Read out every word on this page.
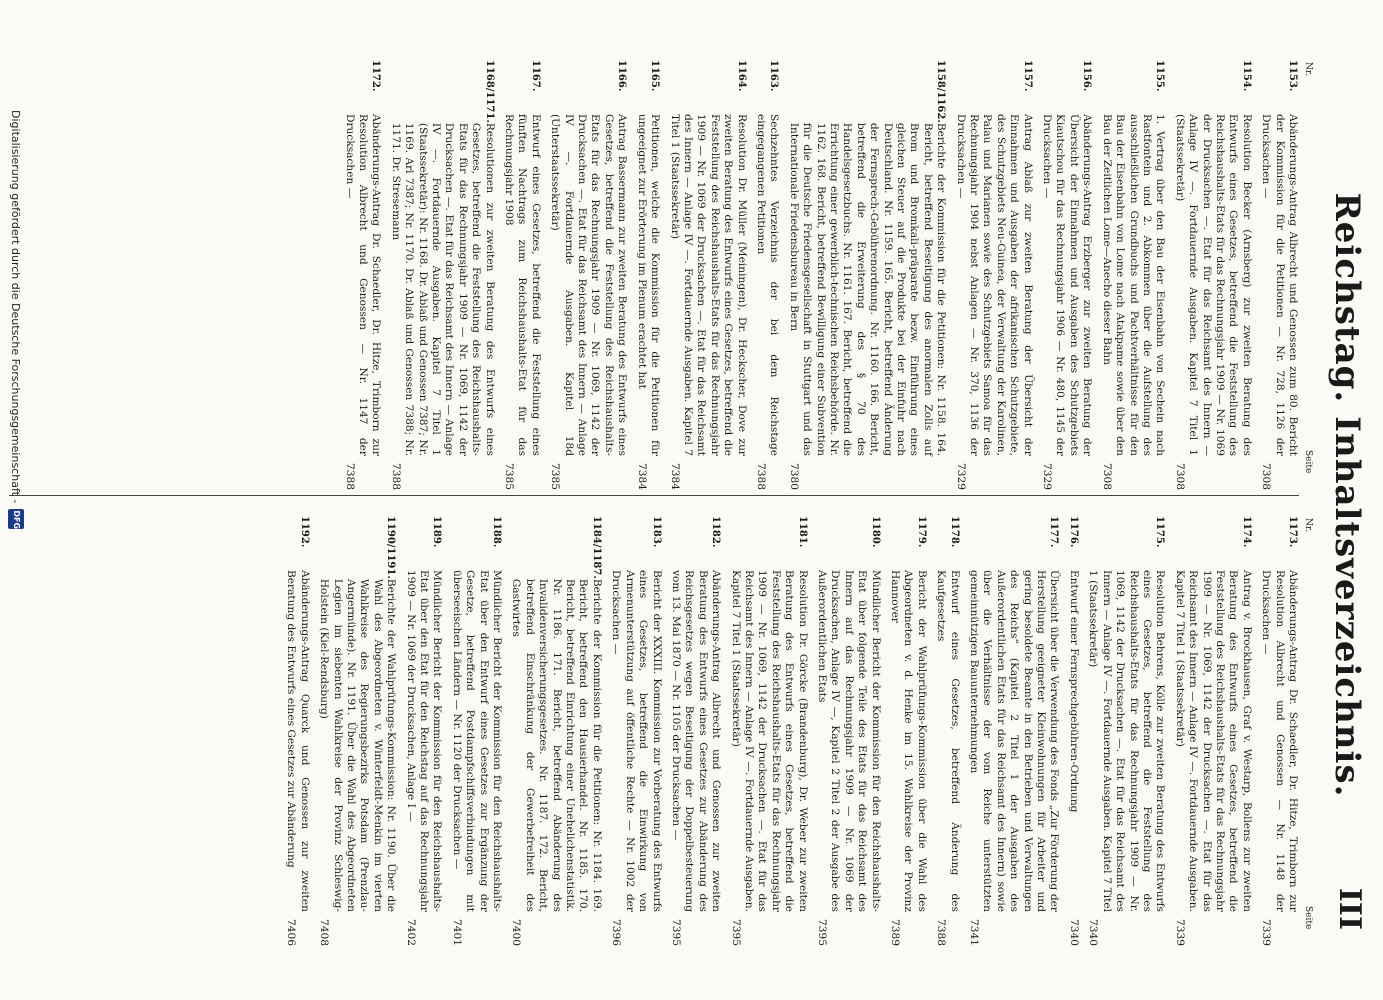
Reichstag. Inhaltsverzeichnis.
III
Nr.
Seite
Nr.
Seite
1153.
Abänderungs-Antrag Albrecht und Genossen zum 80. Bericht der Kommission für die Petitionen — Nr. 728, 1126 der Drucksachen —
7308
1154.
Resolution Becker (Arnsberg) zur zweiten Beratung des Entwurfs eines Gesetzes, betreffend die Feststellung des Reichshaushalts-Etats für das Rechnungsjahr 1909 — Nr. 1069 der Drucksachen —. Etat für das Reichsamt des Innern — Anlage IV —. Fortdauernde Ausgaben. Kapitel 7 Titel 1 (Staatssekretär)
7308
1155.
1. Vertrag über den Bau der Eisenbahn von Sechein nach Rastfontein und 2. Abkommen über die Aufstellung des ausschließlichen Grundbuchs und Pachtverhältnisse für den Bau der Eisenbahn von Lome nach Atakpame sowie über den Bau der Zeitlichen Lome—Anecho dieser Bahn
7308
1156.
Abänderungs-Antrag Erzberger zur zweiten Beratung der Übersicht der Einnahmen und Ausgaben des Schutzgebiets Kiautschou für das Rechnungsjahr 1906 — Nr. 480, 1145 der Drucksachen —
7329
1157.
Antrag Ablaß zur zweiten Beratung der Übersicht der Einnahmen und Ausgaben der afrikanischen Schutzgebiete, des Schutzgebiets Neu-Guinea, der Verwaltung der Karolinen, Palau und Marianen sowie des Schutzgebiets Samoa für das Rechnungsjahr 1904 nebst Anlagen — Nr. 370, 1136 der Drucksachen —
7329
1158/1162.
Berichte der Kommission für die Petitionen: Nr. 1158. 164. Bericht, betreffend Beseitigung des anormalen Zolls auf Brom und Bromkali-präparate bezw. Einführung eines gleichen Steuer auf die Produkte bei der Einfuhr nach Deutschland. Nr. 1159. 165. Bericht, betreffend Änderung der Fernsprech-Gebührenordnung. Nr. 1160. 166. Bericht, betreffend die Erweiterung des § 70 des Handelsgesetzbuchs. Nr. 1161. 167. Bericht, betreffend die Errichtung einer gewerblich-technischen Reichsbehörde. Nr. 1162. 168. Bericht, betreffend Bewilligung einer Subvention für die Deutsche Friedensgesellschaft in Stuttgart und das Internationale Friedensbureau in Bern
7380
1163.
Sechzehntes Verzeichnis der bei dem Reichstage eingegangenen Petitionen
7388
1164.
Resolution Dr. Müller (Meiningen), Dr. Heckscher, Dove zur zweiten Beratung des Entwurfs eines Gesetzes, betreffend die Feststellung des Reichshaushalts-Etats für das Rechnungsjahr 1909 — Nr. 1069 der Drucksachen —. Etat für das Reichsamt des Innern — Anlage IV —. Fortdauernde Ausgaben. Kapitel 7 Titel 1 (Staatssekretär)
7384
1165.
Petitionen, welche die Kommission für die Petitionen für ungeeignet zur Erörterung im Plenum erachtet hat
7384
1166.
Antrag Bassermann zur zweiten Beratung des Entwurfs eines Gesetzes, betreffend die Feststellung des Reichshaushalts-Etats für das Rechnungsjahr 1909 — Nr. 1069, 1142 der Drucksachen —. Etat für das Reichsamt des Innern — Anlage IV —. Fortdauernde Ausgaben. Kapitel 18d (Unterstaatssekretär)
7385
1167.
Entwurf eines Gesetzes, betreffend die Feststellung eines fünften Nachtrags zum Reichshaushalts-Etat für das Rechnungsjahr 1908
7385
1168/1171.
Resolutionen zur zweiten Beratung des Entwurfs eines Gesetzes, betreffend die Feststellung des Reichshaushalts-Etats für das Rechnungsjahr 1909 — Nr. 1069, 1142 der Drucksachen —. Etat für das Reichsamt des Innern — Anlage IV —. Fortdauernde Ausgaben. Kapitel 7 Titel 1 (Staatssekretär): Nr. 1168. Dr. Ablaß und Genossen 7387; Nr. 1169. Arl 7387; Nr. 1170. Dr. Ablaß und Genossen 7388; Nr. 1171. Dr. Stresemann
7388
1172.
Abänderungs-Antrag Dr. Schaedler, Dr. Hitze, Trimborn zur Resolution Albrecht und Genossen — Nr. 1147 der Drucksachen —
7388
1173.
Abänderungs-Antrag Dr. Schaedler, Dr. Hitze, Trimborn zur Resolution Albrecht und Genossen — Nr. 1148 der Drucksachen —
7339
1174.
Antrag v. Brockhausen, Graf v. Westarp, Bollens zur zweiten Beratung des Entwurfs eines Gesetzes, betreffend die Feststellung des Reichshaushalts-Etats für das Rechnungsjahr 1909 — Nr. 1069, 1142 der Drucksachen —. Etat für das Reichsamt des Innern — Anlage IV —. Fortdauernde Ausgaben. Kapitel 7 Titel 1 (Staatssekretär)
7339
1175.
Resolution Behrens, Kölle zur zweiten Beratung des Entwurfs eines Gesetzes, betreffend die Feststellung des Reichshaushalts-Etats für das Rechnungsjahr 1909 — Nr. 1069, 1142 der Drucksachen —. Etat für das Reichsamt des Innern — Anlage IV —. Fortdauernde Ausgaben. Kapitel 7 Titel 1 (Staatssekretär)
7340
1176.
Entwurf einer Fernsprechgebühren-Ordnung
7340
1177.
Übersicht über die Verwendung des Fonds „Zur Förderung der Herstellung geeigneter Kleinwohnungen für Arbeiter und gering besoldete Beamte in den Betrieben und Verwaltungen des Reichs“ (Kapitel 2 Titel 1 der Ausgaben des Außerordentlichen Etats für das Reichsamt des Innern) sowie über die Verhältnisse der vom Reiche unterstützten gemeinnützigen Bauunternehmungen
7341
1178.
Entwurf eines Gesetzes, betreffend Änderung des Kaufgesetzes
7388
1179.
Bericht der Wahlprüfungs-Kommission über die Wahl des Abgeordneten v. d. Henke im 15. Wahlkreise der Provinz Hannover
7389
1180.
Mündlicher Bericht der Kommission für den Reichshaushalts-Etat über folgende Teile des Etats für das Reichsamt des Innern auf das Rechnungsjahr 1909 — Nr. 1069 der Drucksachen, Anlage IV —, Kapitel 2 Titel 2 der Ausgabe des Außerordentlichen Etats
7395
1181.
Resolution Dr. Görcke (Brandenburg), Dr. Weber zur zweiten Beratung des Entwurfs eines Gesetzes, betreffend die Feststellung des Reichshaushalts-Etats für das Rechnungsjahr 1909 — Nr. 1069, 1142 der Drucksachen —. Etat für das Reichsamt des Innern — Anlage IV —. Fortdauernde Ausgaben. Kapitel 7 Titel 1 (Staatssekretär)
7395
1182.
Abänderungs-Antrag Albrecht und Genossen zur zweiten Beratung des Entwurfs eines Gesetzes zur Abänderung des Reichsgesetzes wegen Beseitigung der Doppelbesteuerung vom 13. Mai 1870 — Nr. 1105 der Drucksachen —
7395
1183.
Bericht der XXXIII. Kommission zur Vorberatung des Entwurfs eines Gesetzes, betreffend die Einwirkung von Armenunterstützung auf öffentliche Rechte — Nr. 1002 der Drucksachen —
7396
1184/1187.
Berichte der Kommission für die Petitionen: Nr. 1184. 169. Bericht, betreffend den Hausierhandel. Nr. 1185. 170. Bericht, betreffend Einrichtung einer Unehelichenstatistik. Nr. 1186. 171. Bericht, betreffend Abänderung des Invalidenversicherungsgesetzes. Nr. 1187. 172. Bericht, betreffend Einschränkung der Gewerbefreiheit des Gastwirtes
7400
1188.
Mündlicher Bericht der Kommission für den Reichshaushalts-Etat über den Entwurf eines Gesetzes zur Ergänzung der Gesetze, betreffend Postdampfschiffsverbindungen mit überseeischen Ländern — Nr. 1120 der Drucksachen —
7401
1189.
Mündlicher Bericht der Kommission für den Reichshaushalts-Etat über den Etat für den Reichstag auf das Rechnungsjahr 1909 — Nr. 1069 der Drucksachen, Anlage I —
7402
1190/1191.
Berichte der Wahlprüfungs-Kommission: Nr. 1190. Über die Wahl des Abgeordneten v. Winterfeldt-Menkin im vierten Wahlkreise des Regierungsbezirks Potsdam (Prenzlau-Angermünde). Nr. 1191. Über die Wahl des Abgeordneten Legien im siebenten Wahlkreise der Provinz Schleswig-Holstein (Kiel-Rendsburg)
7408
1192.
Abänderungs-Antrag Quarck und Genossen zur zweiten Beratung des Entwurfs eines Gesetzes zur Abänderung
7406
Digitalisierung gefördert durch die Deutsche Forschungsgemeinschaft -
DFG
